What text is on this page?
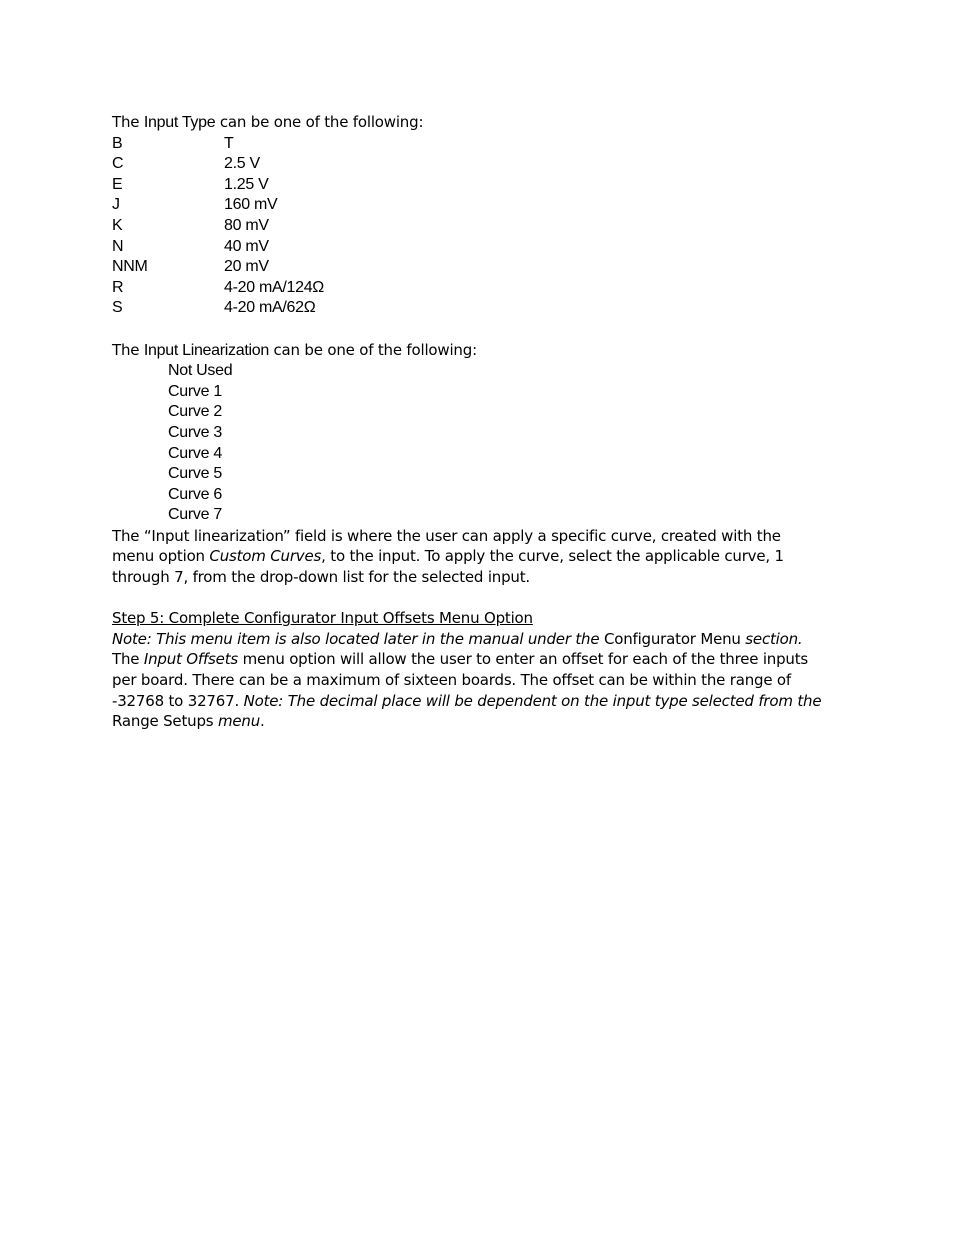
The Input Type can be one of the following:
B	T
C	2.5 V
E	1.25 V
J	160 mV
K	80 mV
N	40 mV
NNM	20 mV
R	4-20 mA/124Ω
S	4-20 mA/62Ω
The Input Linearization can be one of the following:
Not Used
Curve 1
Curve 2
Curve 3
Curve 4
Curve 5
Curve 6
Curve 7
The “Input linearization” field is where the user can apply a specific curve, created with the
menu option Custom Curves, to the input. To apply the curve, select the applicable curve, 1
through 7, from the drop-down list for the selected input.
Step 5: Complete Configurator Input Offsets Menu Option
Note: This menu item is also located later in the manual under the Configurator Menu section.
The Input Offsets menu option will allow the user to enter an offset for each of the three inputs
per board. There can be a maximum of sixteen boards. The offset can be within the range of
-32768 to 32767. Note: The decimal place will be dependent on the input type selected from the
Range Setups menu.
